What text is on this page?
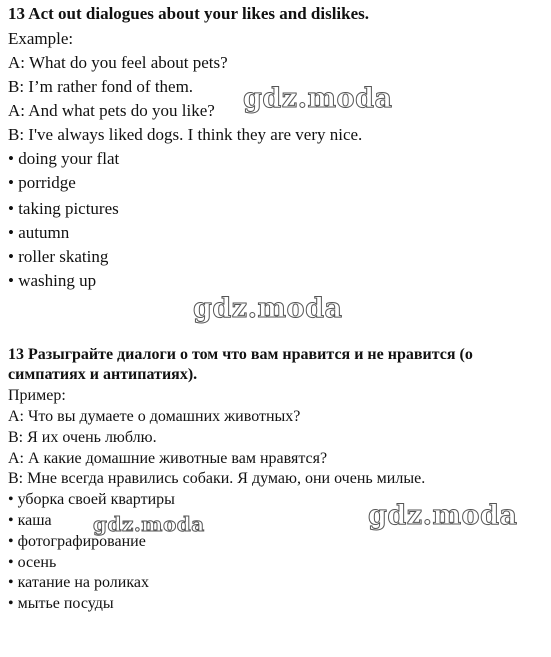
13 Act out dialogues about your likes and dislikes.
Example:
A: What do you feel about pets?
B: I’m rather fond of them.
A: And what pets do you like?
B: I've always liked dogs. I think they are very nice.
• doing your flat
• porridge
• taking pictures
• autumn
• roller skating
• washing up
13 Разыграйте диалоги о том что вам нравится и не нравится (о
симпатиях и антипатиях).
Пример:
А: Что вы думаете о домашних животных?
В: Я их очень люблю.
А: А какие домашние животные вам нравятся?
В: Мне всегда нравились собаки. Я думаю, они очень милые.
• уборка своей квартиры
• каша
• фотографирование
• осень
• катание на роликах
• мытье посуды
gdz.moda
gdz.moda
gdz.moda	gdz.moda
